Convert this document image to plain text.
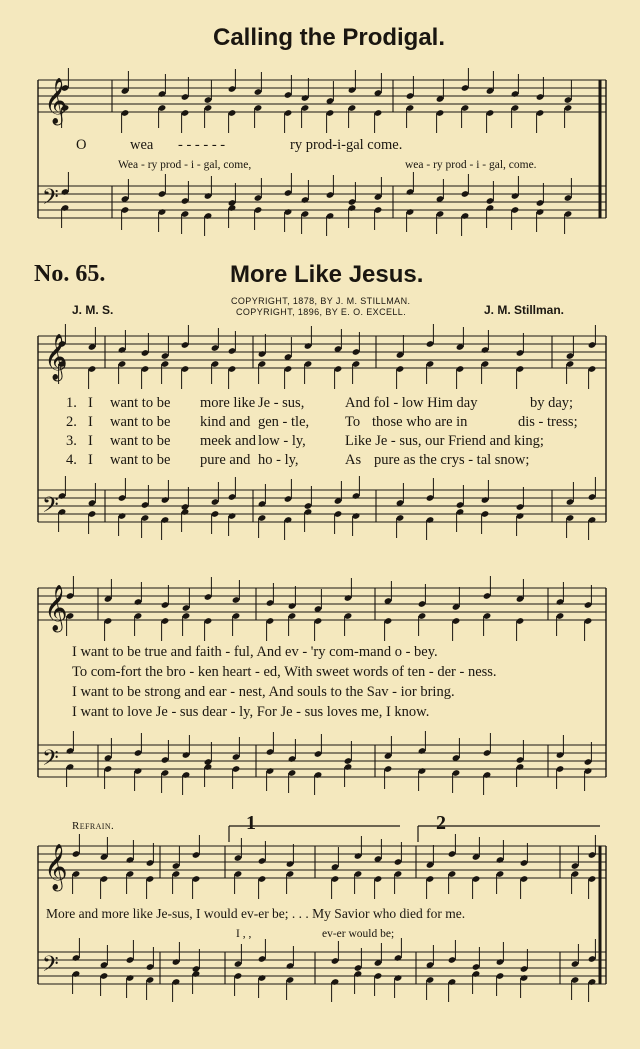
𝄞
𝄞
𝄞
𝄞
𝄢
𝄢
𝄢
𝄢
Calling the Prodigal.
O	wea - - - - - -	ry prod-i-gal come.
Wea - ry prod - i - gal, come,	wea - ry prod - i - gal, come.
No. 65.	More Like Jesus.
J. M. S.
COPYRIGHT, 1878, BY J. M. STILLMAN.
COPYRIGHT, 1896, BY E. O. EXCELL.	J. M. Stillman.
1. I want to be more like Je - sus,	And fol - low Him day	by day;
2. I want to be kind and gen - tle, To those who are in	dis - tress;
3. I want to be meek and low - ly,	Like Je - sus, our Friend and king;
4. I want to be pure and ho - ly,	As pure as the crys - tal snow;
I want to be true and faith - ful, And ev - 'ry com-mand o - bey.
To com-fort the bro - ken heart - ed, With sweet words of ten - der - ness.
I want to be strong and ear - nest, And souls to the Sav - ior bring.
I want to love Je - sus dear - ly, For Je - sus loves me, I know.
Refrain.	1	2
More and more like Je-sus, I would ev-er be; . . . My Savior who died for me.
I , ,	ev-er would be;
